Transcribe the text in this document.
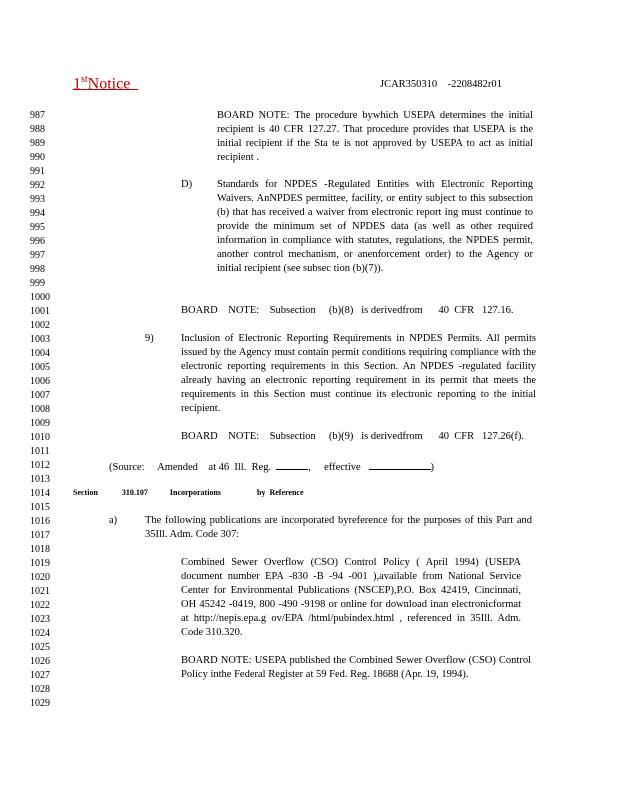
1stNotice	JCAR350310    -2208482r01
987
988
989
990
991
992
993
994
995
996
997
998
999
1000
1001
1002
1003
1004
1005
1006
1007
1008
1009
1010
1011
1012
1013
1014
1015
1016
1017
1018
1019
1020
1021
1022
1023
1024
1025
1026
1027
1028
1029
BOARD NOTE: The procedure bywhich USEPA determines the initial recipient is 40 CFR 127.27. That procedure provides that USEPA is the initial recipient if the Sta te is not approved by USEPA to act as initial recipient .
D) Standards for NPDES -Regulated Entities with Electronic Reporting Waivers. AnNPDES permittee, facility, or entity subject to this subsection (b) that has received a waiver from electronic report ing must continue to provide the minimum set of NPDES data (as well as other required information in compliance with statutes, regulations, the NPDES permit, another control mechanism, or anenforcement order) to the Agency or initial recipient (see subsec tion (b)(7)).
BOARD    NOTE:    Subsection     (b)(8)   is derivedfrom      40  CFR   127.16.
9)	Inclusion of Electronic Reporting Requirements in NPDES Permits. All permits issued by the Agency must contain permit conditions requiring compliance with the electronic reporting requirements in this Section. An NPDES -regulated facility already having an electronic reporting requirement in its permit that meets the requirements in this Section must continue its electronic reporting to the initial recipient.
BOARD    NOTE:    Subsection     (b)(9)   is derivedfrom      40  CFR   127.26(f).
(Source:     Amended    at 46  Ill.  Reg.	,     effective	)
Section	310.107	Incorporations	by  Reference
a)	The following publications are incorporated byreference for the purposes of this Part and 35Ill. Adm. Code 307:
Combined Sewer Overflow (CSO) Control Policy ( April 1994) (USEPA document number EPA -830 -B -94 -001 ),available from National Service Center for Environmental Publications (NSCEP),P.O. Box 42419, Cincinnati, OH 45242 -0419, 800 -490 -9198 or online for download inan electronicformat at http://nepis.epa.g ov/EPA /html/pubindex.html , referenced in 35Ill. Adm. Code 310.320.
BOARD NOTE: USEPA published the Combined Sewer Overflow (CSO) Control Policy inthe Federal Register at 59 Fed. Reg. 18688 (Apr. 19, 1994).
